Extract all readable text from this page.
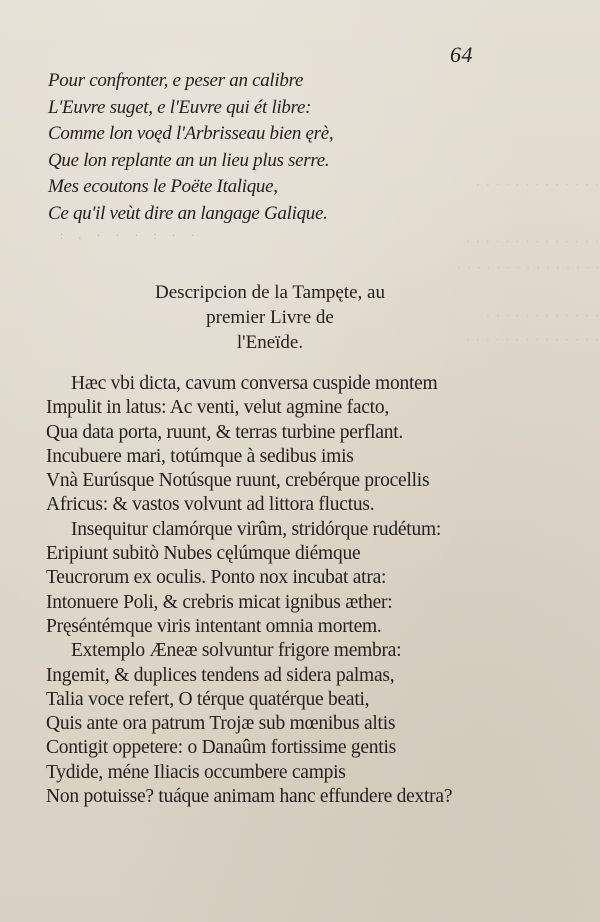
· · · · · · · · · · · · ·
· · · · · · · · · · · · · ·
· · · · · · · · · · · · · · ·
· · · · · · · · · · · ·
· · · · · · · · · · · · · ·
64
Pour confronter, e peser an calibre
L'Euvre suget, e l'Euvre qui ét libre:
Comme lon voęd l'Arbrisseau bien ęrè,
Que lon replante an un lieu plus serre.
Mes ecoutons le Poëte Italique,
Ce qu'il veùt dire an langage Galique.
: . · · · : · ·
Descripcion de la Tampęte, au
premier Livre de
l'Eneïde.
Hæc vbi dicta, cavum conversa cuspide montem
Impulit in latus: Ac venti, velut agmine facto,
Qua data porta, ruunt, & terras turbine perflant.
Incubuere mari, totúmque à sedibus imis
Vnà Eurúsque Notúsque ruunt, crebérque procellis
Africus: & vastos volvunt ad littora fluctus.
Insequitur clamórque virûm, stridórque rudétum:
Eripiunt subitò Nubes cęlúmque diémque
Teucrorum ex oculis. Ponto nox incubat atra:
Intonuere Poli, & crebris micat ignibus æther:
Pręséntémque viris intentant omnia mortem.
Extemplo Æneæ solvuntur frigore membra:
Ingemit, & duplices tendens ad sidera palmas,
Talia voce refert, O térque quatérque beati,
Quis ante ora patrum Trojæ sub mœnibus altis
Contigit oppetere: o Danaûm fortissime gentis
Tydide, méne Iliacis occumbere campis
Non potuisse? tuáque animam hanc effundere dextra?
